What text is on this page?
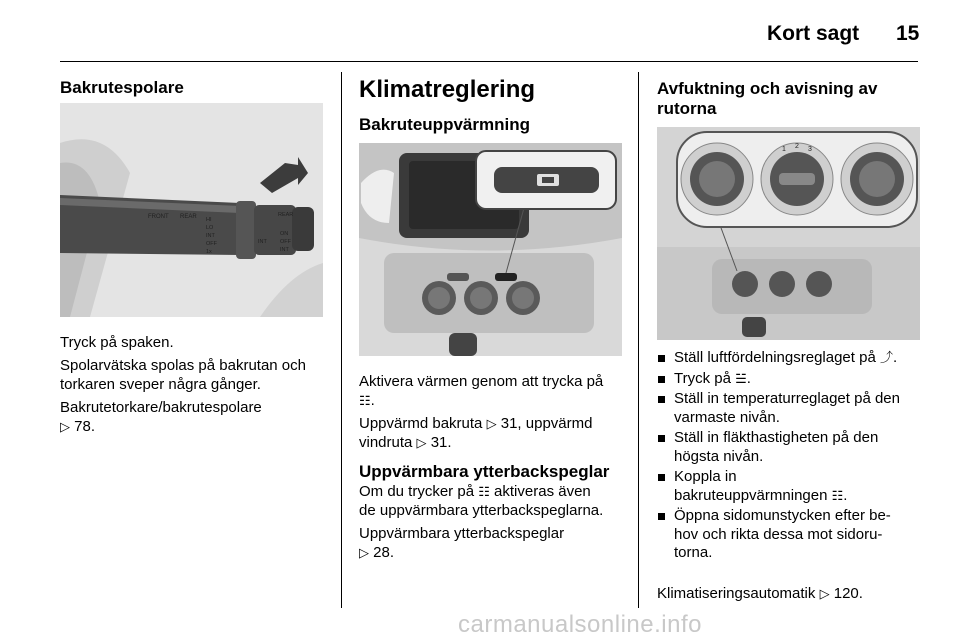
Kort sagt 15
Bakrutespolare
FRONT REAR HI
LO
INT
OFF
1x
INT
REAR
ON
OFF
INT
Tryck på spaken.
Spolarvätska spolas på bakrutan och
torkaren sveper några gånger.
Bakrutetorkare/bakrutespolare
▷ 78.
Klimatreglering
Bakruteuppvärmning
Aktivera värmen genom att trycka på
☷.
Uppvärmd bakruta ▷ 31, uppvärmd
vindruta ▷ 31.
Uppvärmbara ytterbackspeglar
Om du trycker på ☷ aktiveras även
de uppvärmbara ytterbackspeglarna.
Uppvärmbara ytterbackspeglar
▷ 28.
Avfuktning och avisning av
rutorna
1 2 3
Ställ luftfördelningsreglaget på ⤴.
Tryck på ☱.
Ställ in temperaturreglaget på den
varmaste nivån.
Ställ in fläkthastigheten på den
högsta nivån.
Koppla in
bakruteuppvärmningen ☷.
Öppna sidomunstycken efter be-
hov och rikta dessa mot sidoru-
torna.
Klimatiseringsautomatik ▷ 120.
carmanualsonline.info
